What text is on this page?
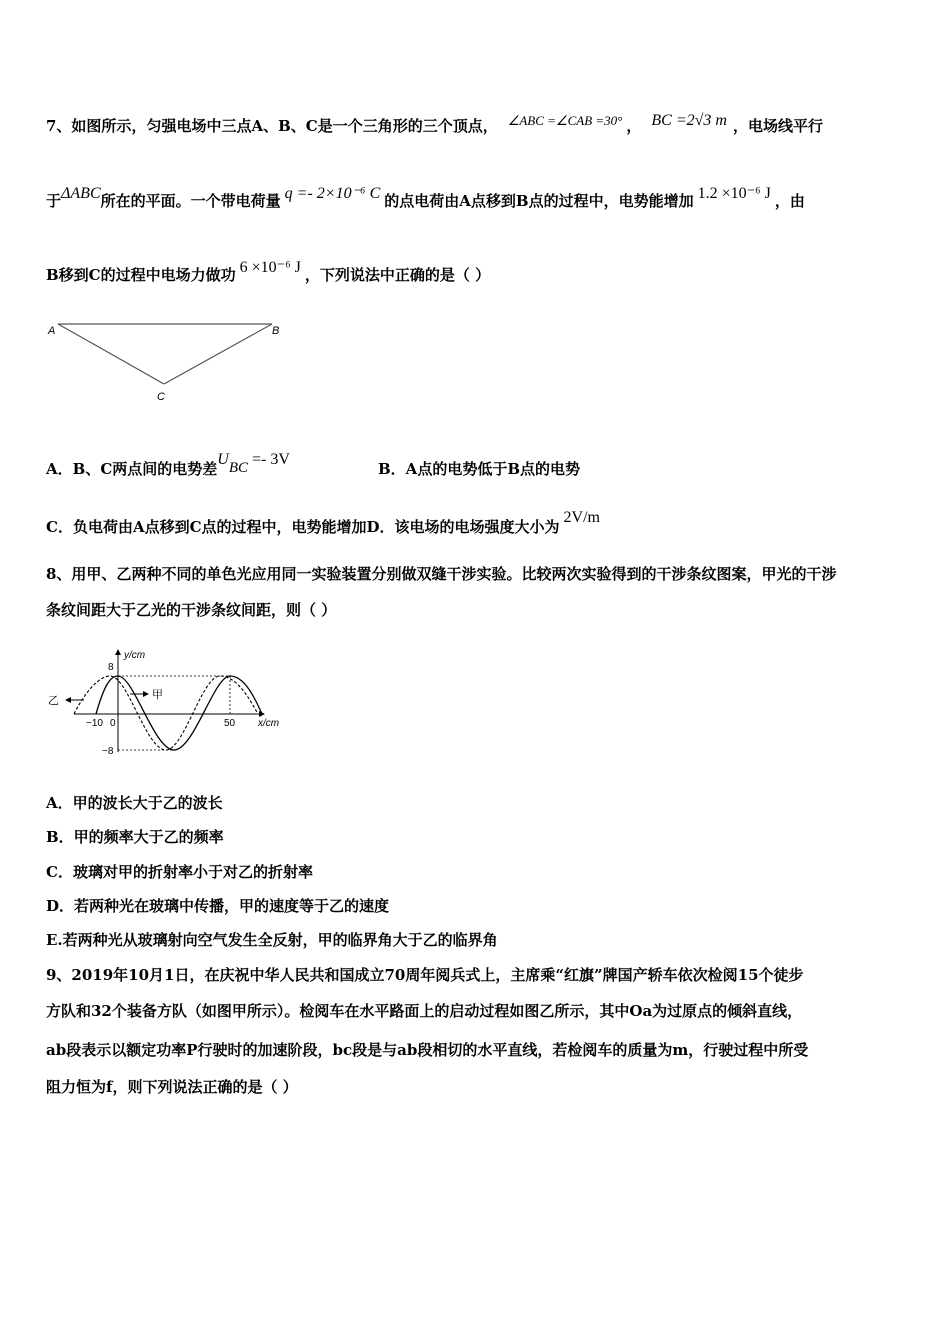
7、如图所示，匀强电场中三点A、B、C是一个三角形的三个顶点， ∠ABC =∠CAB =30° ， BC =2√3 m ，电场线平行
于ΔABC所在的平面。一个带电荷量 q =- 2×10⁻⁶ C 的点电荷由A点移到B点的过程中，电势能增加 1.2 ×10⁻⁶ J ，由
B移到C的过程中电场力做功 6 ×10⁻⁶ J ，下列说法中正确的是（ ）
A	B
C
A．B、C两点间的电势差$U_{BC} =- 3V$
B．A点的电势低于B点的电势
C．负电荷由A点移到C点的过程中，电势能增加D．该电场的电场强度大小为2V/m
8、用甲、乙两种不同的单色光应用同一实验装置分别做双缝干涉实验。比较两次实验得到的干涉条纹图案，甲光的干涉
条纹间距大于乙光的干涉条纹间距，则（ ）
y/cm
x/cm
8
−8
−10 0	50
乙	甲
A．甲的波长大于乙的波长
B．甲的频率大于乙的频率
C．玻璃对甲的折射率小于对乙的折射率
D．若两种光在玻璃中传播，甲的速度等于乙的速度
E.若两种光从玻璃射向空气发生全反射，甲的临界角大于乙的临界角
9、2019年10月1日，在庆祝中华人民共和国成立70周年阅兵式上，主席乘“红旗”牌国产轿车依次检阅15个徒步
方队和32个装备方队（如图甲所示）。检阅车在水平路面上的启动过程如图乙所示，其中Oa为过原点的倾斜直线，
ab段表示以额定功率P行驶时的加速阶段，bc段是与ab段相切的水平直线，若检阅车的质量为m，行驶过程中所受
阻力恒为f，则下列说法正确的是（ ）
